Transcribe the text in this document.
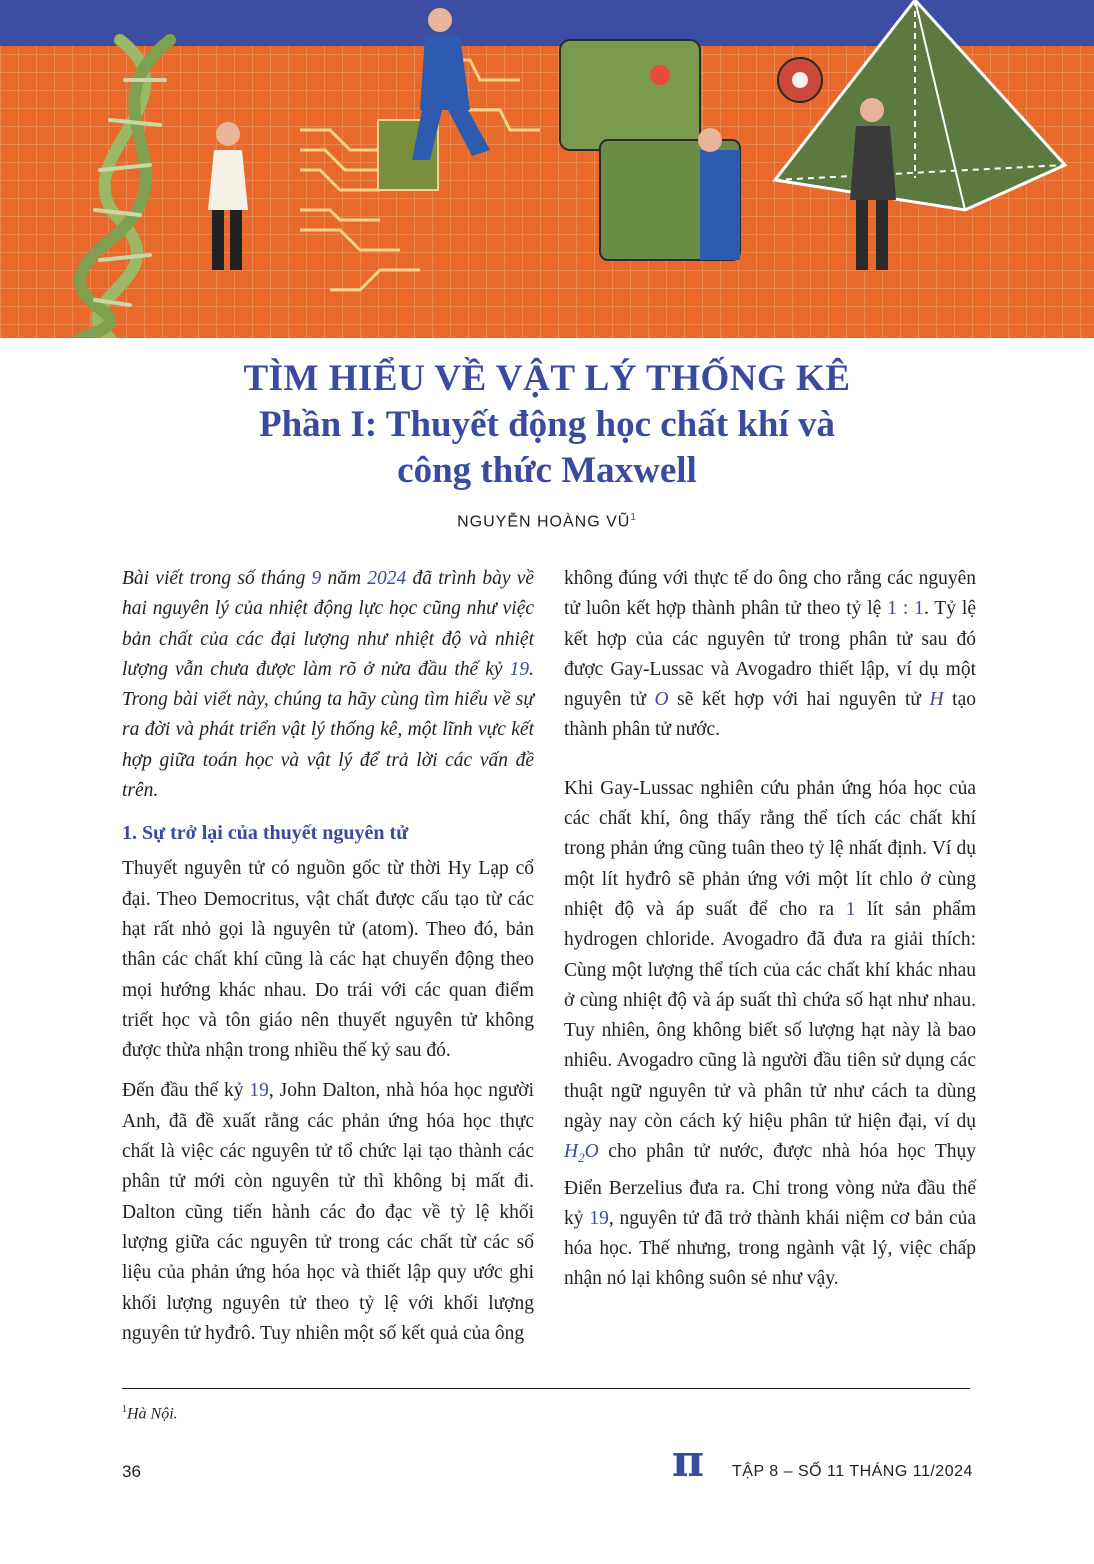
TÌM HIỂU VỀ VẬT LÝ THỐNG KÊ
Phần I: Thuyết động học chất khí và
công thức Maxwell
NGUYỄN HOÀNG $VŨ^1$

Bài viết trong số tháng 9 năm 2024 đã trình bày về hai nguyên lý của nhiệt động lực học cũng như việc bản chất của các đại lượng như nhiệt độ và nhiệt lượng vẫn chưa được làm rõ ở nửa đầu thế kỷ 19. Trong bài viết này, chúng ta hãy cùng tìm hiểu về sự ra đời và phát triển vật lý thống kê, một lĩnh vực kết hợp giữa toán học và vật lý để trả lời các vấn đề trên.

1. Sự trở lại của thuyết nguyên tử

Thuyết nguyên tử có nguồn gốc từ thời Hy Lạp cổ đại. Theo Democritus, vật chất được cấu tạo từ các hạt rất nhỏ gọi là nguyên tử (atom). Theo đó, bản thân các chất khí cũng là các hạt chuyển động theo mọi hướng khác nhau. Do trái với các quan điểm triết học và tôn giáo nên thuyết nguyên tử không được thừa nhận trong nhiều thế kỷ sau đó.

Đến đầu thế kỷ 19, John Dalton, nhà hóa học người Anh, đã đề xuất rằng các phản ứng hóa học thực chất là việc các nguyên tử tổ chức lại tạo thành các phân tử mới còn nguyên tử thì không bị mất đi. Dalton cũng tiến hành các đo đạc về tỷ lệ khối lượng giữa các nguyên tử trong các chất từ các số liệu của phản ứng hóa học và thiết lập quy ước ghi khối lượng nguyên tử theo tỷ lệ với khối lượng nguyên tử hyđrô. Tuy nhiên một số kết quả của ông

không đúng với thực tế do ông cho rằng các nguyên tử luôn kết hợp thành phân tử theo tỷ lệ 1 : 1. Tỷ lệ kết hợp của các nguyên tử trong phân tử sau đó được Gay-Lussac và Avogadro thiết lập, ví dụ một nguyên tử O sẽ kết hợp với hai nguyên tử H tạo thành phân tử nước.

Khi Gay-Lussac nghiên cứu phản ứng hóa học của các chất khí, ông thấy rằng thể tích các chất khí trong phản ứng cũng tuân theo tỷ lệ nhất định. Ví dụ một lít hyđrô sẽ phản ứng với một lít chlo ở cùng nhiệt độ và áp suất để cho ra 1 lít sản phẩm hydrogen chloride. Avogadro đã đưa ra giải thích: Cùng một lượng thể tích của các chất khí khác nhau ở cùng nhiệt độ và áp suất thì chứa số hạt như nhau. Tuy nhiên, ông không biết số lượng hạt này là bao nhiêu. Avogadro cũng là người đầu tiên sử dụng các thuật ngữ nguyên tử và phân tử như cách ta dùng ngày nay còn cách ký hiệu phân tử hiện đại, ví dụ $H_2O$ cho phân tử nước, được nhà hóa học Thụy Điển Berzelius đưa ra. Chỉ trong vòng nửa đầu thế kỷ 19, nguyên tử đã trở thành khái niệm cơ bản của hóa học. Thế nhưng, trong ngành vật lý, việc chấp nhận nó lại không suôn sẻ như vậy.

$^1$Hà Nội.
36	π TẬP 8 – SỐ 11 THÁNG 11/2024
